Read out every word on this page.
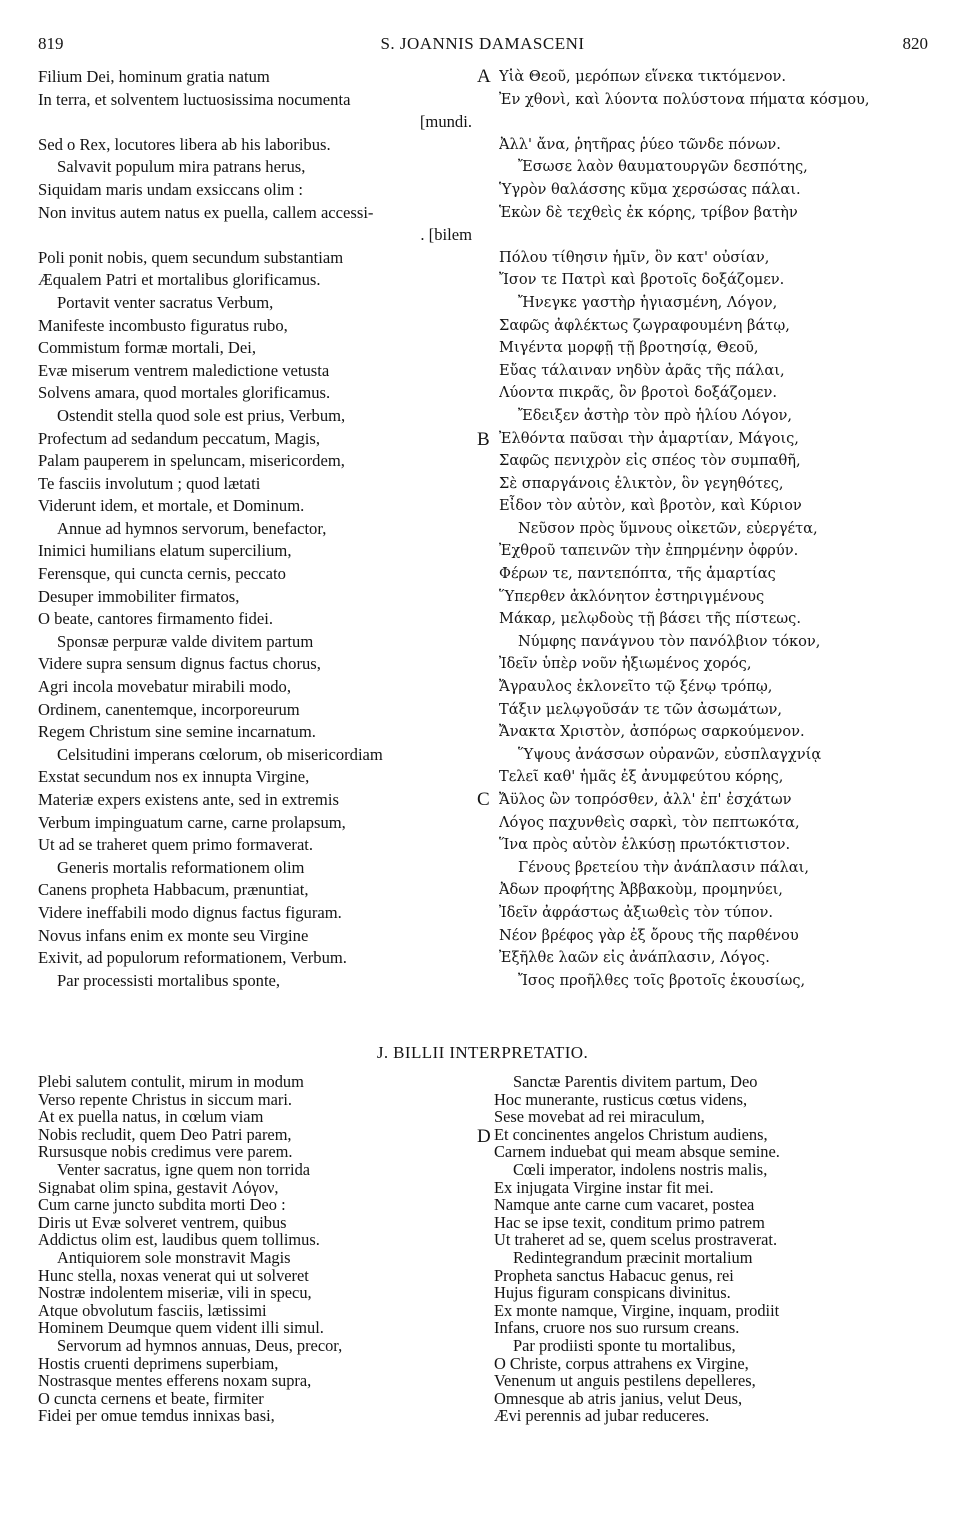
819	S. JOANNIS DAMASCENI	820
Filium Dei, hominum gratia natum
In terra, et solventem luctuosissima nocumenta
[mundi.
Sed o Rex, locutores libera ab his laboribus.
Salvavit populum mira patrans herus,
Siquidam maris undam exsiccans olim :
Non invitus autem natus ex puella, callem accessi-
. [bilem
Poli ponit nobis, quem secundum substantiam
Æqualem Patri et mortalibus glorificamus.
Portavit venter sacratus Verbum,
Manifeste incombusto figuratus rubo,
Commistum formæ mortali, Dei,
Evæ miserum ventrem maledictione vetusta
Solvens amara, quod mortales glorificamus.
Ostendit stella quod sole est prius, Verbum,
Profectum ad sedandum peccatum, Magis,
Palam pauperem in speluncam, misericordem,
Te fasciis involutum ; quod lætati
Viderunt idem, et mortale, et Dominum.
Annue ad hymnos servorum, benefactor,
Inimici humilians elatum supercilium,
Ferensque, qui cuncta cernis, peccato
Desuper immobiliter firmatos,
O beate, cantores firmamento fidei.
Sponsæ perpuræ valde divitem partum
Videre supra sensum dignus factus chorus,
Agri incola movebatur mirabili modo,
Ordinem, canentemque, incorporeurum
Regem Christum sine semine incarnatum.
Celsitudini imperans cœlorum, ob misericordiam
Exstat secundum nos ex innupta Virgine,
Materiæ expers existens ante, sed in extremis
Verbum impinguatum carne, carne prolapsum,
Ut ad se traheret quem primo formaverat.
Generis mortalis reformationem olim
Canens propheta Habbacum, prænuntiat,
Videre ineffabili modo dignus factus figuram.
Novus infans enim ex monte seu Virgine
Exivit, ad populorum reformationem, Verbum.
Par processisti mortalibus sponte,
Υἱὰ Θεοῦ, μερόπων εἵνεκα τικτόμενον.
Ἐν χθονὶ, καὶ λύοντα πολύστονα πήματα κόσμου,

Ἀλλ' ἄνα, ῥητῆρας ῥύεο τῶνδε πόνων.
Ἔσωσε λαὸν θαυματουργῶν δεσπότης,
Ὑγρὸν θαλάσσης κῦμα χερσώσας πάλαι.
Ἑκὼν δὲ τεχθεὶς ἐκ κόρης, τρίβον βατὴν

Πόλου τίθησιν ἡμῖν, ὃν κατ' οὐσίαν,
Ἴσον τε Πατρὶ καὶ βροτοῖς δοξάζομεν.
Ἤνεγκε γαστὴρ ἡγιασμένη, Λόγον,
Σαφῶς ἀφλέκτως ζωγραφουμένη βάτῳ,
Μιγέντα μορφῇ τῇ βροτησίᾳ, Θεοῦ,
Εὔας τάλαιναν νηδὺν ἀρᾶς τῆς πάλαι,
Λύοντα πικρᾶς, ὃν βροτοὶ δοξάζομεν.
Ἔδειξεν ἀστὴρ τὸν πρὸ ἡλίου Λόγον,
Ἐλθόντα παῦσαι τὴν ἁμαρτίαν, Μάγοις,
Σαφῶς πενιχρὸν εἰς σπέος τὸν συμπαθῆ,
Σὲ σπαργάνοις ἑλικτὸν, ὃν γεγηθότες,
Εἶδον τὸν αὐτὸν, καὶ βροτὸν, καὶ Κύριον
Νεῦσον πρὸς ὕμνους οἰκετῶν, εὐεργέτα,
Ἐχθροῦ ταπεινῶν τὴν ἐπηρμένην ὀφρύν.
Φέρων τε, παντεπόπτα, τῆς ἁμαρτίας
Ὕπερθεν ἀκλόνητον ἐστηριγμένους
Μάκαρ, μελῳδοὺς τῇ βάσει τῆς πίστεως.
Νύμφης πανάγνου τὸν πανόλβιον τόκον,
Ἰδεῖν ὑπὲρ νοῦν ἠξιωμένος χορός,
Ἄγραυλος ἐκλονεῖτο τῷ ξένῳ τρόπῳ,
Τάξιν μελῳγοῦσάν τε τῶν ἀσωμάτων,
Ἄνακτα Χριστὸν, ἀσπόρως σαρκούμενον.
Ὕψους ἀνάσσων οὐρανῶν, εὐσπλαγχνίᾳ
Τελεῖ καθ' ἡμᾶς ἐξ ἀνυμφεύτου κόρης,
Ἄϋλος ὢν τοπρόσθεν, ἀλλ' ἐπ' ἐσχάτων
Λόγος παχυνθεὶς σαρκὶ, τὸν πεπτωκότα,
Ἵνα πρὸς αὐτὸν ἑλκύσῃ πρωτόκτιστον.
Γένους βρετείου τὴν ἀνάπλασιν πάλαι,
Ἀδων προφήτης Ἀββακοὺμ, προμηνύει,
Ἰδεῖν ἀφράστως ἀξιωθεὶς τὸν τύπον.
Νέον βρέφος γὰρ ἐξ ὄρους τῆς παρθένου
Ἐξῆλθε λαῶν εἰς ἀνάπλασιν, Λόγος.
Ἴσος προῆλθες τοῖς βροτοῖς ἑκουσίως,
A
B
C
D
J. BILLII INTERPRETATIO.
Plebi salutem contulit, mirum in modum
Verso repente Christus in siccum mari.
At ex puella natus, in cœlum viam
Nobis recludit, quem Deo Patri parem,
Rursusque nobis credimus vere parem.
Venter sacratus, igne quem non torrida
Signabat olim spina, gestavit Λόγον,
Cum carne juncto subdita morti Deo :
Diris ut Evæ solveret ventrem, quibus
Addictus olim est, laudibus quem tollimus.
Antiquiorem sole monstravit Magis
Hunc stella, noxas venerat qui ut solveret
Nostræ indolentem miseriæ, vili in specu,
Atque obvolutum fasciis, lætissimi
Hominem Deumque quem vident illi simul.
Servorum ad hymnos annuas, Deus, precor,
Hostis cruenti deprimens superbiam,
Nostrasque mentes efferens noxam supra,
O cuncta cernens et beate, firmiter
Fidei per omue temdus innixas basi,
Sanctæ Parentis divitem partum, Deo
Hoc munerante, rusticus cœtus videns,
Sese movebat ad rei miraculum,
Et concinentes angelos Christum audiens,
Carnem induebat qui meam absque semine.
Cœli imperator, indolens nostris malis,
Ex injugata Virgine instar fit mei.
Namque ante carne cum vacaret, postea
Hac se ipse texit, conditum primo patrem
Ut traheret ad se, quem scelus prostraverat.
Redintegrandum præcinit mortalium
Propheta sanctus Habacuc genus, rei
Hujus figuram conspicans divinitus.
Ex monte namque, Virgine, inquam, prodiit
Infans, cruore nos suo rursum creans.
Par prodiisti sponte tu mortalibus,
O Christe, corpus attrahens ex Virgine,
Venenum ut anguis pestilens depelleres,
Omnesque ab atris janius, velut Deus,
Ævi perennis ad jubar reduceres.
